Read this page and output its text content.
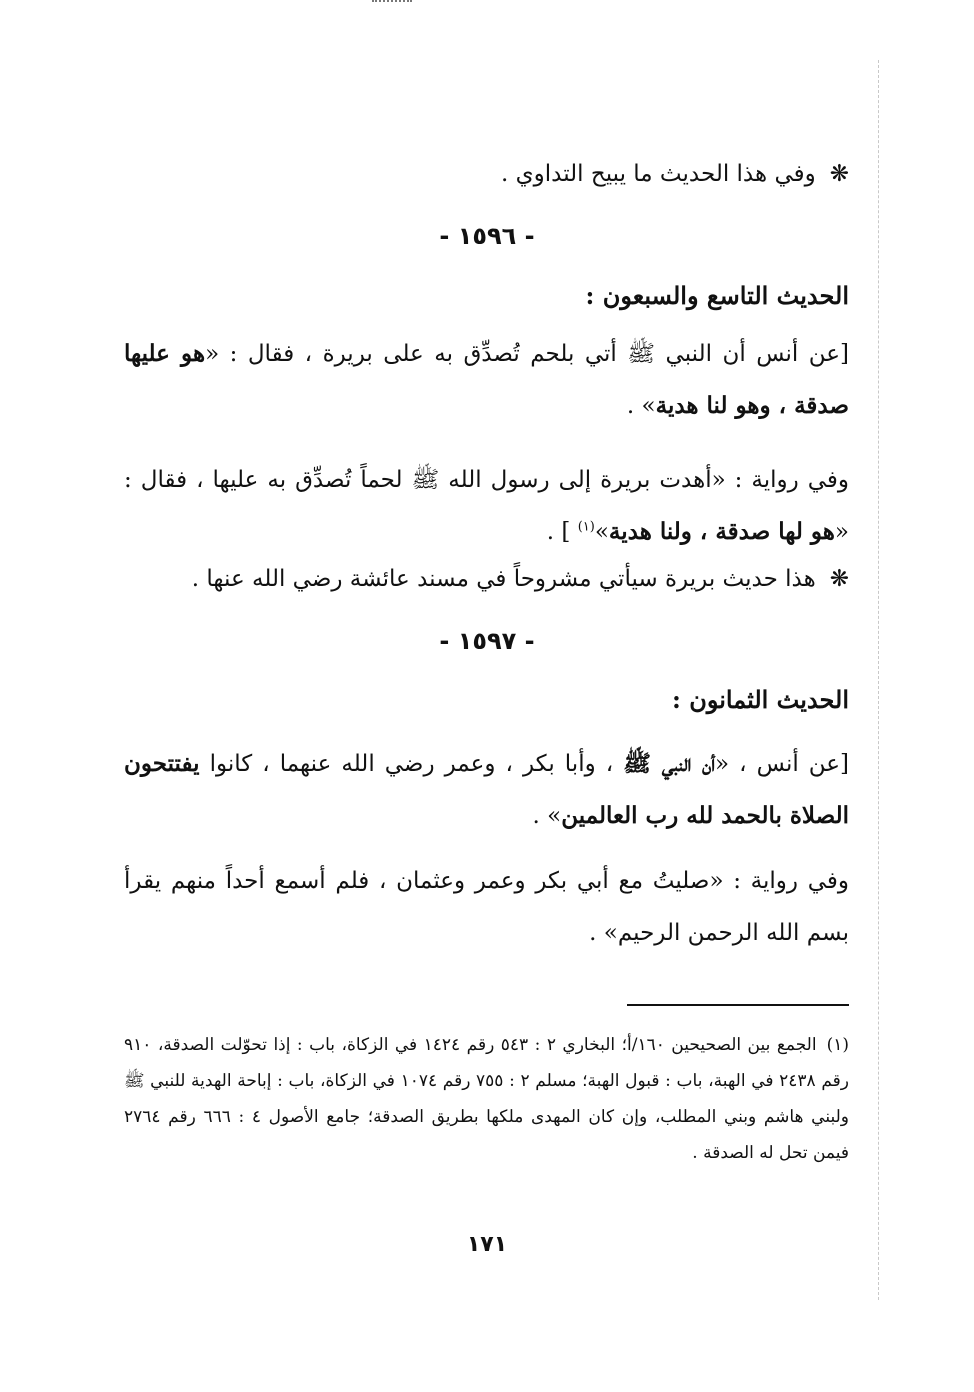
❋وفي هذا الحديث ما يبيح التداوي .
- ١٥٩٦ -
الحديث التاسع والسبعون :
[عن أنس أن النبي ﷺ أتي بلحم تُصدِّق به على بريرة ، فقال : «هو عليها صدقة ، وهو لنا هدية» .
وفي رواية : «أهدت بريرة إلى رسول الله ﷺ لحماً تُصدِّق به عليها ، فقال : «هو لها صدقة ، ولنا هدية»$^{(١)}$ ] .
❋هذا حديث بريرة سيأتي مشروحاً في مسند عائشة رضي الله عنها .
- ١٥٩٧ -
الحديث الثمانون :
[عن أنس ، «أن النبي ﷺ ، وأبا بكر ، وعمر رضي الله عنهما ، كانوا يفتتحون الصلاة بالحمد لله رب العالمين» .
وفي رواية : «صليتُ مع أبي بكر وعمر وعثمان ، فلم أسمع أحداً منهم يقرأ بسم الله الرحمن الرحيم» .
(١)الجمع بين الصحيحين ١٦٠/أ؛ البخاري ٢ : ٥٤٣ رقم ١٤٢٤ في الزكاة، باب : إذا تحوّلت الصدقة، ٩١٠ رقم ٢٤٣٨ في الهبة، باب : قبول الهبة؛ مسلم ٢ : ٧٥٥ رقم ١٠٧٤ في الزكاة، باب : إباحة الهدية للنبي ﷺ ولبني هاشم وبني المطلب، وإن كان المهدى ملكها بطريق الصدقة؛ جامع الأصول ٤ : ٦٦٦ رقم ٢٧٦٤ فيمن تحل له الصدقة .
١٧١
